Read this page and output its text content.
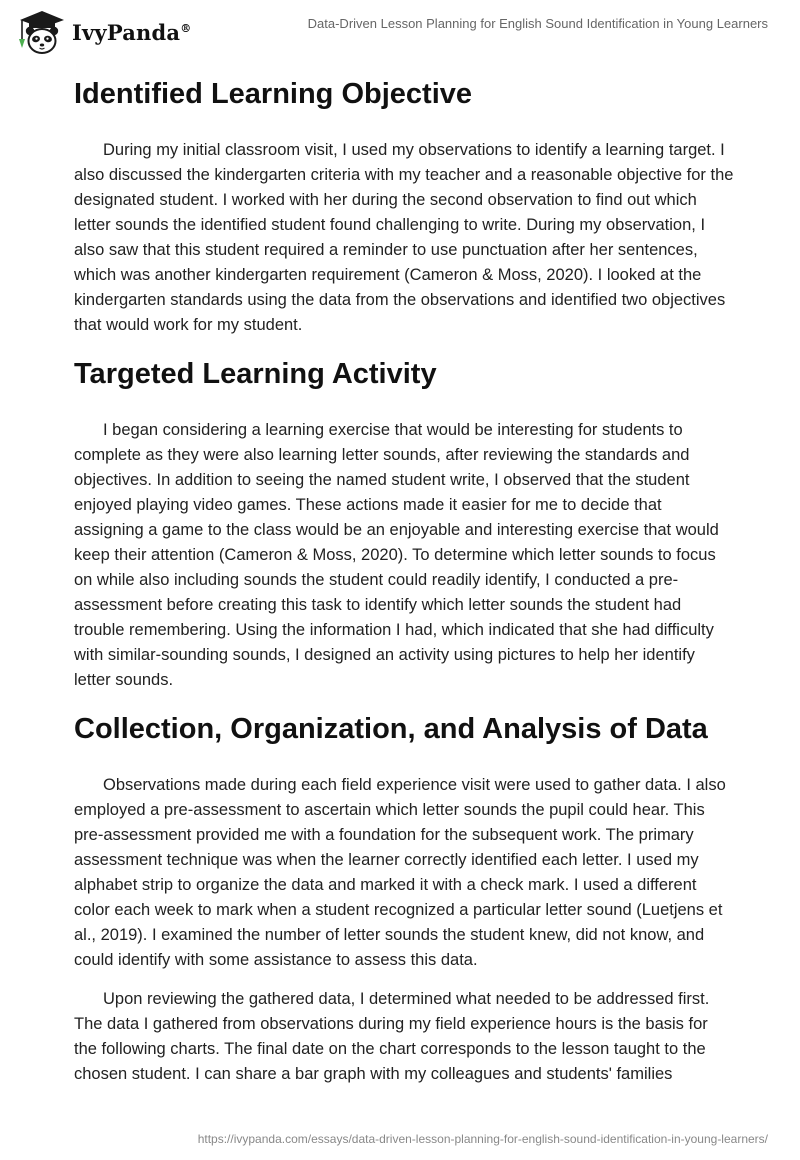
IvyPanda®	Data-Driven Lesson Planning for English Sound Identification in Young Learners
Identified Learning Objective

During my initial classroom visit, I used my observations to identify a learning target. I also discussed the kindergarten criteria with my teacher and a reasonable objective for the designated student. I worked with her during the second observation to find out which letter sounds the identified student found challenging to write. During my observation, I also saw that this student required a reminder to use punctuation after her sentences, which was another kindergarten requirement (Cameron & Moss, 2020). I looked at the kindergarten standards using the data from the observations and identified two objectives that would work for my student.

Targeted Learning Activity

I began considering a learning exercise that would be interesting for students to complete as they were also learning letter sounds, after reviewing the standards and objectives. In addition to seeing the named student write, I observed that the student enjoyed playing video games. These actions made it easier for me to decide that assigning a game to the class would be an enjoyable and interesting exercise that would keep their attention (Cameron & Moss, 2020). To determine which letter sounds to focus on while also including sounds the student could readily identify, I conducted a pre-assessment before creating this task to identify which letter sounds the student had trouble remembering. Using the information I had, which indicated that she had difficulty with similar-sounding sounds, I designed an activity using pictures to help her identify letter sounds.

Collection, Organization, and Analysis of Data

Observations made during each field experience visit were used to gather data. I also employed a pre-assessment to ascertain which letter sounds the pupil could hear. This pre-assessment provided me with a foundation for the subsequent work. The primary assessment technique was when the learner correctly identified each letter. I used my alphabet strip to organize the data and marked it with a check mark. I used a different color each week to mark when a student recognized a particular letter sound (Luetjens et al., 2019). I examined the number of letter sounds the student knew, did not know, and could identify with some assistance to assess this data.

Upon reviewing the gathered data, I determined what needed to be addressed first. The data I gathered from observations during my field experience hours is the basis for the following charts. The final date on the chart corresponds to the lesson taught to the chosen student. I can share a bar graph with my colleagues and students' families

https://ivypanda.com/essays/data-driven-lesson-planning-for-english-sound-identification-in-young-learners/
